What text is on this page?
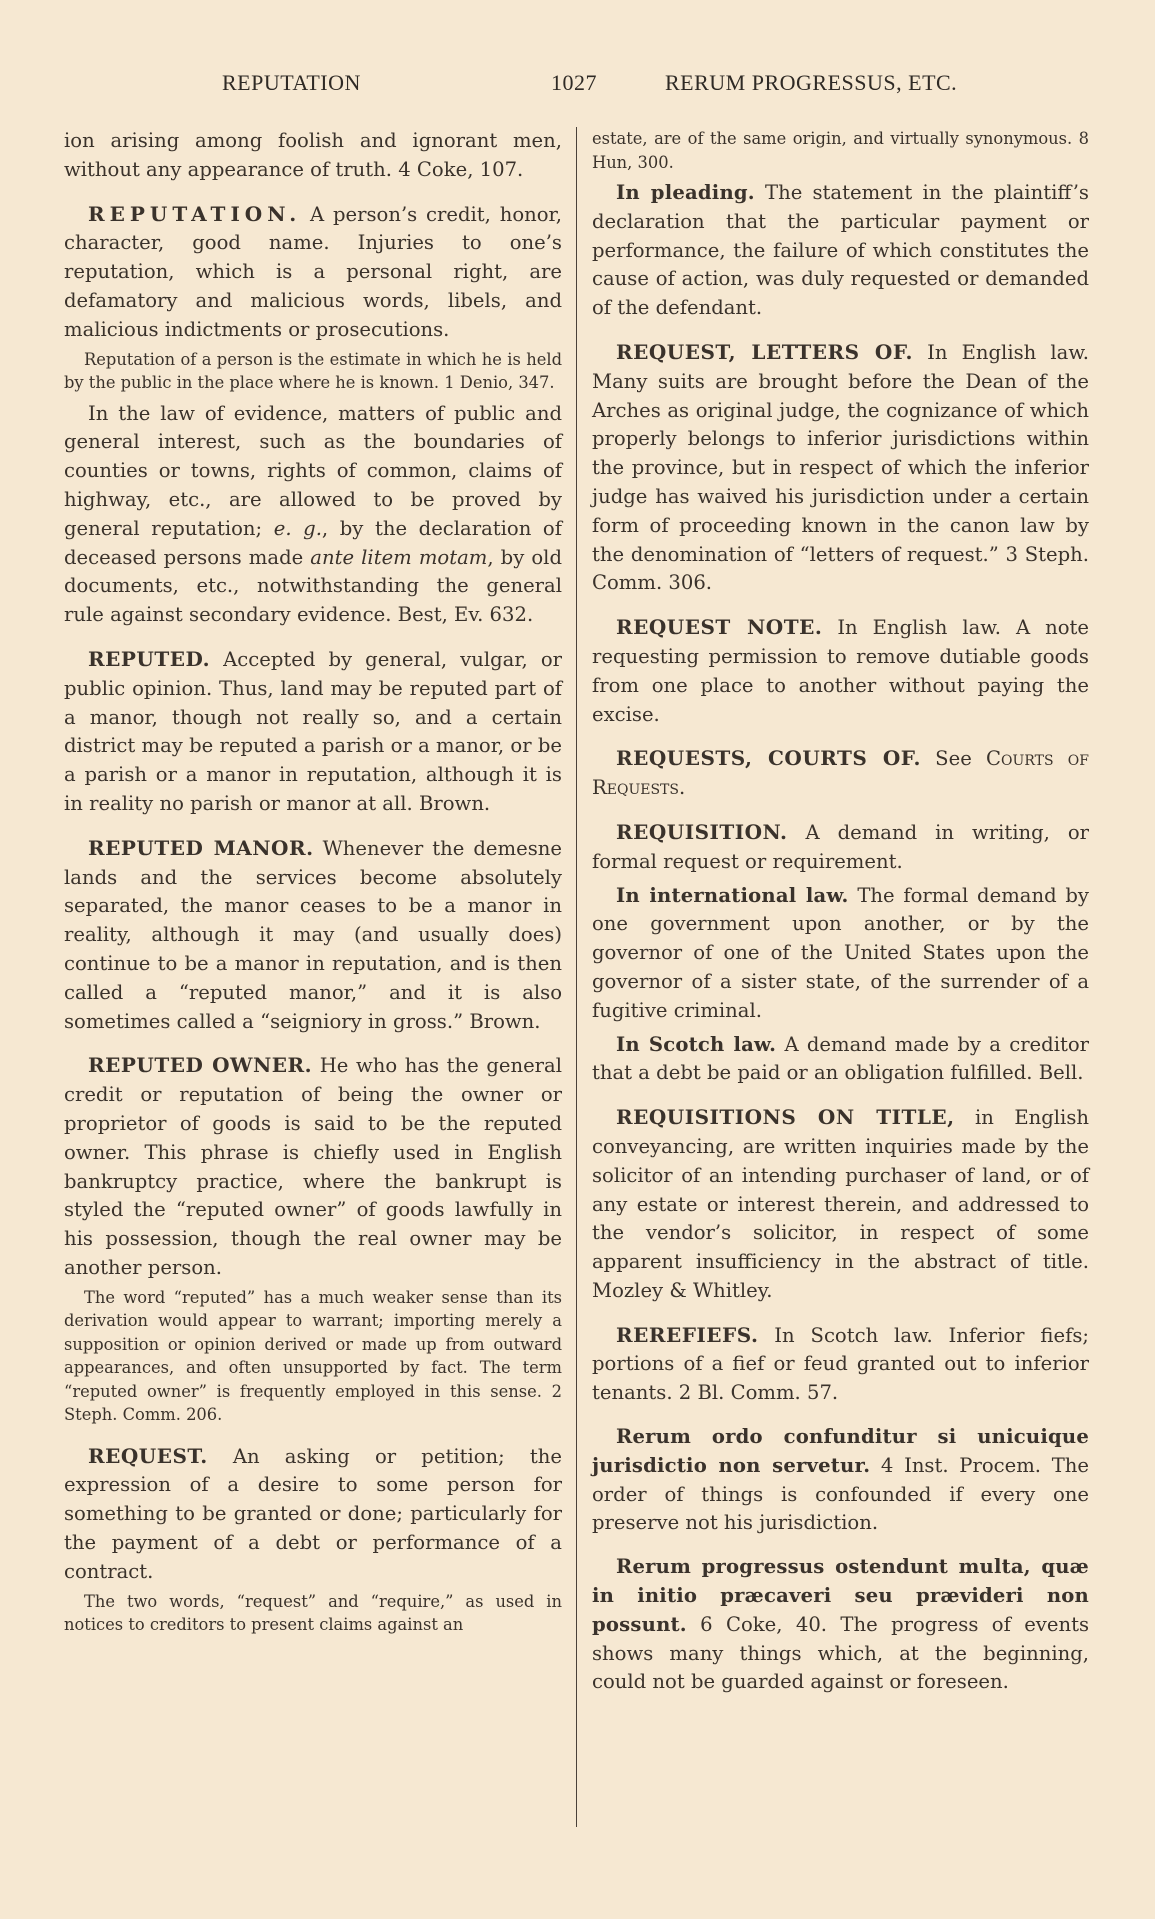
REPUTATION	1027	RERUM PROGRESSUS, ETC.

ion arising among foolish and ignorant men, without any appearance of truth. 4 Coke, 107.

REPUTATION. A person’s credit, honor, character, good name. Injuries to one’s reputation, which is a personal right, are defamatory and malicious words, libels, and malicious indictments or prosecutions.

Reputation of a person is the estimate in which he is held by the public in the place where he is known. 1 Denio, 347.

In the law of evidence, matters of public and general interest, such as the boundaries of counties or towns, rights of common, claims of highway, etc., are allowed to be proved by general reputation; e. g., by the declaration of deceased persons made ante litem motam, by old documents, etc., notwithstanding the general rule against secondary evidence. Best, Ev. 632.

REPUTED. Accepted by general, vulgar, or public opinion. Thus, land may be reputed part of a manor, though not really so, and a certain district may be reputed a parish or a manor, or be a parish or a manor in reputation, although it is in reality no parish or manor at all. Brown.

REPUTED MANOR. Whenever the demesne lands and the services become absolutely separated, the manor ceases to be a manor in reality, although it may (and usually does) continue to be a manor in reputation, and is then called a “reputed manor,” and it is also sometimes called a “seigniory in gross.” Brown.

REPUTED OWNER. He who has the general credit or reputation of being the owner or proprietor of goods is said to be the reputed owner. This phrase is chiefly used in English bankruptcy practice, where the bankrupt is styled the “reputed owner” of goods lawfully in his possession, though the real owner may be another person.

The word “reputed” has a much weaker sense than its derivation would appear to warrant; importing merely a supposition or opinion derived or made up from outward appearances, and often unsupported by fact. The term “reputed owner” is frequently employed in this sense. 2 Steph. Comm. 206.

REQUEST. An asking or petition; the expression of a desire to some person for something to be granted or done; particularly for the payment of a debt or performance of a contract.

The two words, “request” and “require,” as used in notices to creditors to present claims against an

estate, are of the same origin, and virtually synonymous. 8 Hun, 300.

In pleading. The statement in the plaintiff’s declaration that the particular payment or performance, the failure of which constitutes the cause of action, was duly requested or demanded of the defendant.

REQUEST, LETTERS OF. In English law. Many suits are brought before the Dean of the Arches as original judge, the cognizance of which properly belongs to inferior jurisdictions within the province, but in respect of which the inferior judge has waived his jurisdiction under a certain form of proceeding known in the canon law by the denomination of “letters of request.” 3 Steph. Comm. 306.

REQUEST NOTE. In English law. A note requesting permission to remove dutiable goods from one place to another without paying the excise.

REQUESTS, COURTS OF. See Courts of Requests.

REQUISITION. A demand in writing, or formal request or requirement.

In international law. The formal demand by one government upon another, or by the governor of one of the United States upon the governor of a sister state, of the surrender of a fugitive criminal.

In Scotch law. A demand made by a creditor that a debt be paid or an obligation fulfilled. Bell.

REQUISITIONS ON TITLE, in English conveyancing, are written inquiries made by the solicitor of an intending purchaser of land, or of any estate or interest therein, and addressed to the vendor’s solicitor, in respect of some apparent insufficiency in the abstract of title. Mozley & Whitley.

REREFIEFS. In Scotch law. Inferior fiefs; portions of a fief or feud granted out to inferior tenants. 2 Bl. Comm. 57.

Rerum ordo confunditur si unicuique jurisdictio non servetur. 4 Inst. Procem. The order of things is confounded if every one preserve not his jurisdiction.

Rerum progressus ostendunt multa, quæ in initio præcaveri seu prævideri non possunt. 6 Coke, 40. The progress of events shows many things which, at the beginning, could not be guarded against or foreseen.
